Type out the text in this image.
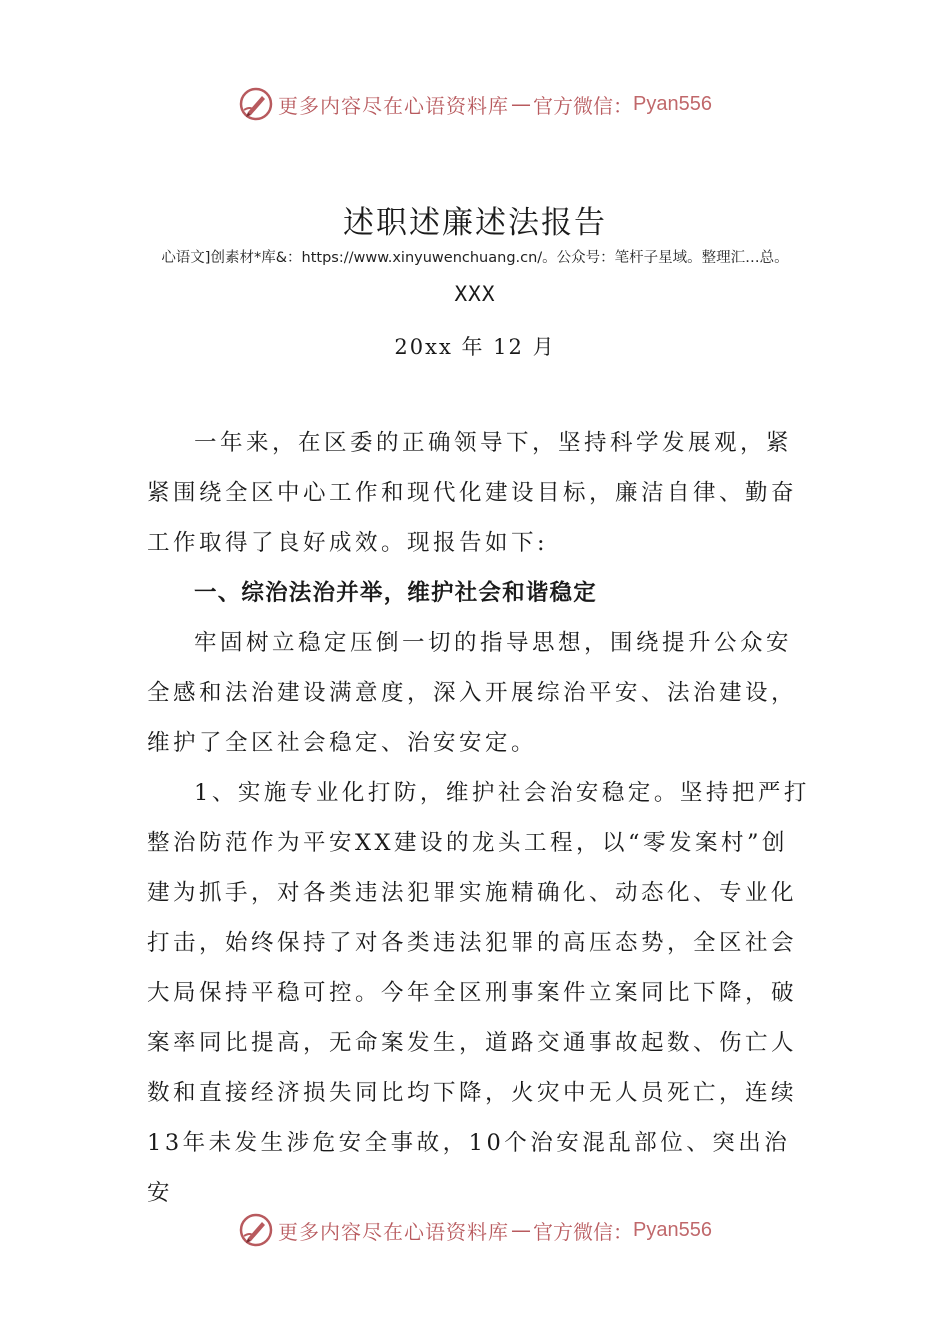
更多内容尽在心语资料库 — 官方微信： Pyan556
述职述廉述法报告
心语文]创素材*库&：https://www.xinyuwenchuang.cn/。公众号：笔杆子星域。整理汇…总。
XXX
20xx 年 12 月

一年来，在区委的正确领导下，坚持科学发展观，紧紧围绕全区中心工作和现代化建设目标，廉洁自律、勤奋工作取得了良好成效。现报告如下:

一、综治法治并举，维护社会和谐稳定

牢固树立稳定压倒一切的指导思想，围绕提升公众安全感和法治建设满意度，深入开展综治平安、法治建设，维护了全区社会稳定、治安安定。

1、实施专业化打防，维护社会治安稳定。坚持把严打整治防范作为平安XX建设的龙头工程，以“零发案村”创建为抓手，对各类违法犯罪实施精确化、动态化、专业化打击，始终保持了对各类违法犯罪的高压态势，全区社会大局保持平稳可控。今年全区刑事案件立案同比下降，破案率同比提高，无命案发生，道路交通事故起数、伤亡人数和直接经济损失同比均下降，火灾中无人员死亡，连续13年未发生涉危安全事故，10个治安混乱部位、突出治安

更多内容尽在心语资料库 — 官方微信： Pyan556
